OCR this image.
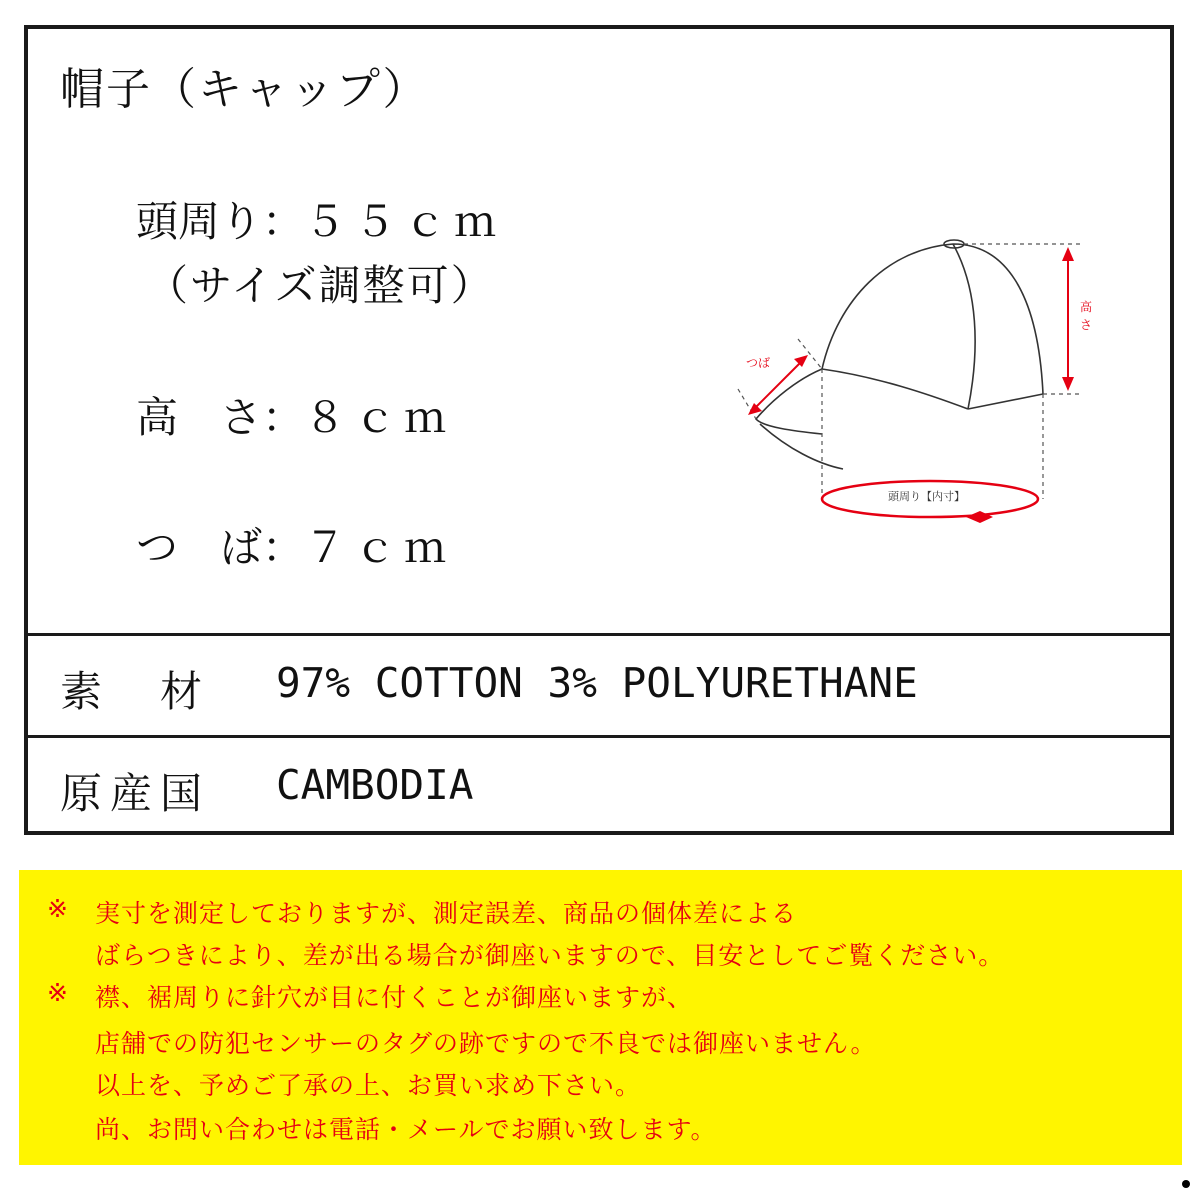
帽子（キャップ）
頭周り：５５ｃｍ
（サイズ調整可）
高　さ：８ｃｍ
つ　ば：７ｃｍ
高
さ
つば
頭周り【内寸】
素　材 97% COTTON 3% POLYURETHANE
原産国 CAMBODIA
※ 実寸を測定しておりますが、測定誤差、商品の個体差による
ばらつきにより、差が出る場合が御座いますので、目安としてご覧ください。
※ 襟、裾周りに針穴が目に付くことが御座いますが、
店舗での防犯センサーのタグの跡ですので不良では御座いません。
以上を、予めご了承の上、お買い求め下さい。
尚、お問い合わせは電話・メールでお願い致します。
